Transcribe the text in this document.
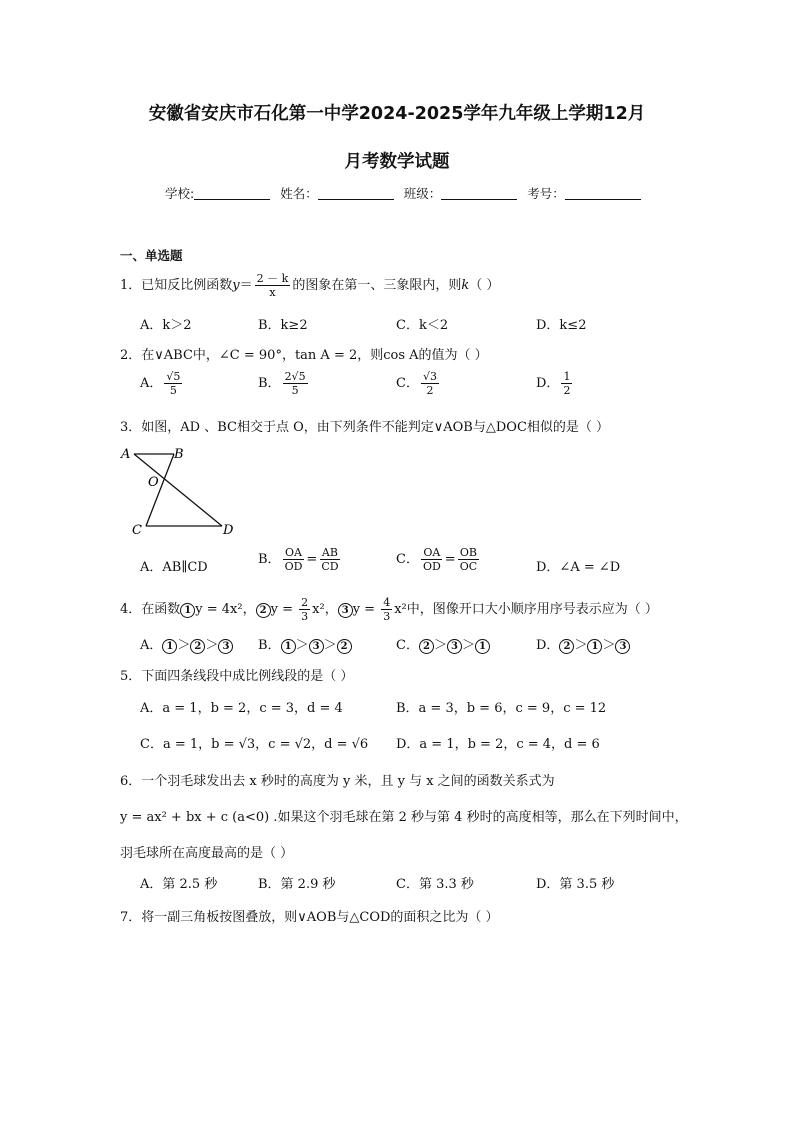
安徽省安庆市石化第一中学2024-2025学年九年级上学期12月
月考数学试题
学校:	姓名：	班级：	考号：
一、单选题
1．已知反比例函数$y= \frac{2 - k}{x}$ 的图象在第一、三象限内，则k（ ）
A．k＞2	B．k≥2	C．k＜2	D．k≤2
2．在∨ABC中，∠C = 90°，tan A = 2，则cos A的值为（ ）
A． $\frac{√5}{5}$	B． $\frac{2√5}{5}$	C． $\frac{√3}{2}$	D． $\frac{1}{2}$
3．如图，AD 、BC相交于点 O，由下列条件不能判定∨AOB与△DOC相似的是（ ）
A	B
O
C	D
A．AB∥CD
B． $\frac{OA}{OD} = \frac{AB}{CD}$	C． $\frac{OA}{OD} = \frac{OB}{OC}$	D．∠A = ∠D
4．在函数 1 y = 4x²， 2 $y = \frac{2}{3} x^2$， 3 $y = \frac{4}{3} x^2$中，图像开口大小顺序用序号表示应为（ ）
A． 1 ＞ 2 ＞ 3	B． 1 ＞ 3 ＞ 2	C． 2 ＞ 3 ＞ 1	D． 2 ＞ 1 ＞ 3
5．下面四条线段中成比例线段的是（ ）
A．a = 1，b = 2，c = 3，d = 4	B．a = 3，b = 6，c = 9，c = 12
C．a = 1，b = √3，c = √2，d = √6 D．a = 1，b = 2，c = 4，d = 6
6．一个羽毛球发出去 x 秒时的高度为 y 米，且 y 与 x 之间的函数关系式为
y = ax² + bx + c (a<0) .如果这个羽毛球在第 2 秒与第 4 秒时的高度相等，那么在下列时间中，
羽毛球所在高度最高的是（ ）
A．第 2.5 秒	B．第 2.9 秒	C．第 3.3 秒	D．第 3.5 秒
7．将一副三角板按图叠放，则∨AOB与△COD的面积之比为（ ）
